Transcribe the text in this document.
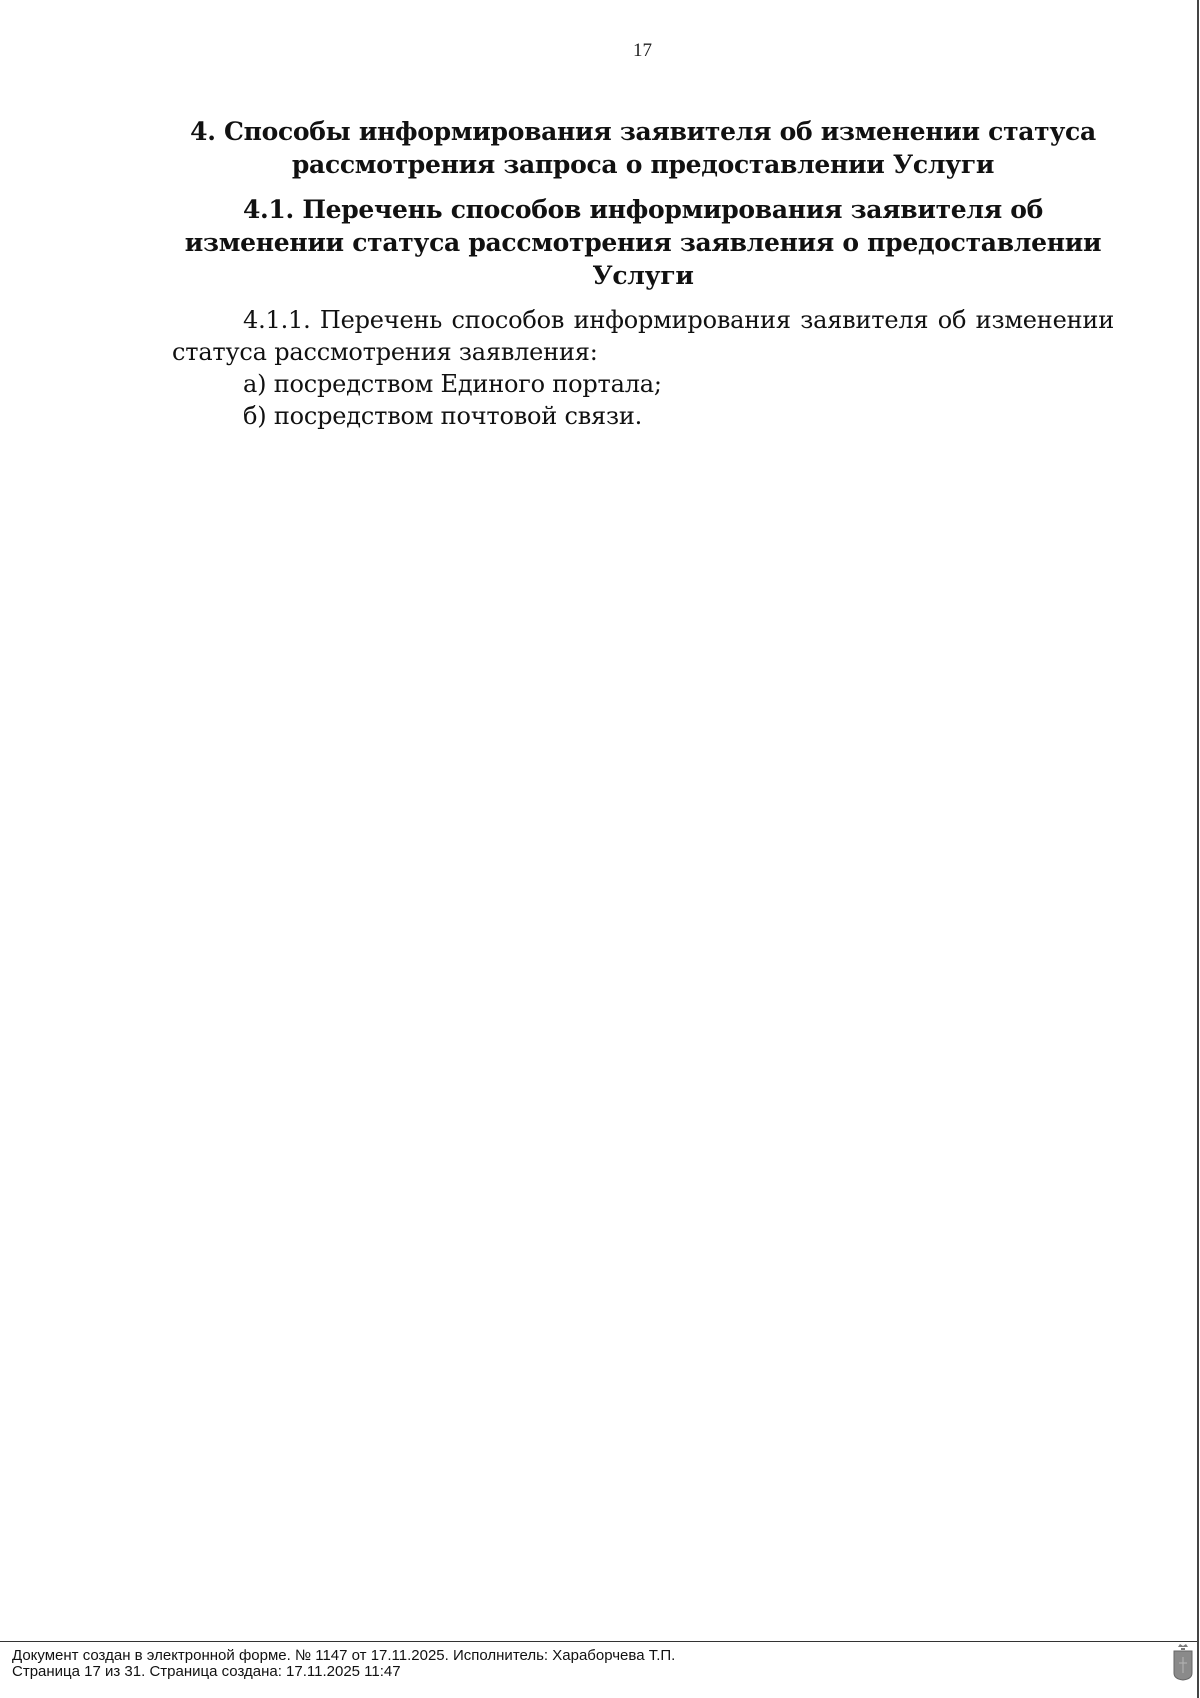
17
4. Способы информирования заявителя об изменении статуса рассмотрения запроса о предоставлении Услуги
4.1. Перечень способов информирования заявителя об изменении статуса рассмотрения заявления о предоставлении Услуги

4.1.1. Перечень способов информирования заявителя об изменении статуса рассмотрения заявления:

а) посредством Единого портала;

б) посредством почтовой связи.

Документ создан в электронной форме. № 1147 от 17.11.2025. Исполнитель: Хараборчева Т.П.
Страница 17 из 31. Страница создана: 17.11.2025 11:47
